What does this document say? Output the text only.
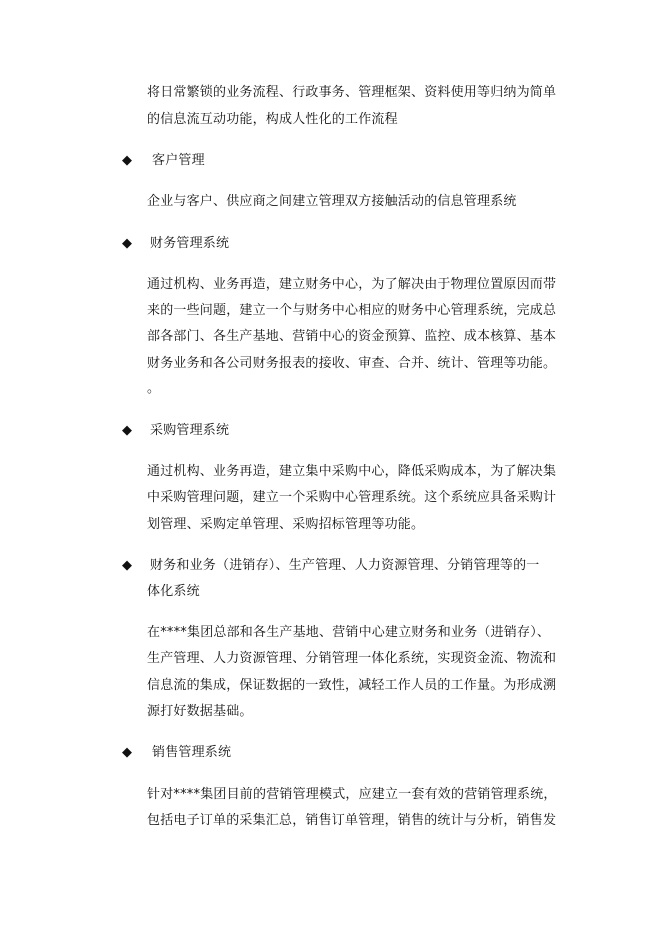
将日常繁锁的业务流程、行政事务、管理框架、资料使用等归纳为简单
的信息流互动功能，构成人性化的工作流程
◆ 客户管理
企业与客户、供应商之间建立管理双方接触活动的信息管理系统
◆ 财务管理系统
通过机构、业务再造，建立财务中心，为了解决由于物理位置原因而带
来的一些问题，建立一个与财务中心相应的财务中心管理系统，完成总
部各部门、各生产基地、营销中心的资金预算、监控、成本核算、基本
财务业务和各公司财务报表的接收、审查、合并、统计、管理等功能。
。
◆ 采购管理系统
通过机构、业务再造，建立集中采购中心，降低采购成本，为了解决集
中采购管理问题，建立一个采购中心管理系统。这个系统应具备采购计
划管理、采购定单管理、采购招标管理等功能。
◆ 财务和业务（进销存）、生产管理、人力资源管理、分销管理等的一
体化系统
在****集团总部和各生产基地、营销中心建立财务和业务（进销存）、
生产管理、人力资源管理、分销管理一体化系统，实现资金流、物流和
信息流的集成，保证数据的一致性，减轻工作人员的工作量。为形成溯
源打好数据基础。
◆ 销售管理系统
针对****集团目前的营销管理模式，应建立一套有效的营销管理系统，
包括电子订单的采集汇总，销售订单管理，销售的统计与分析，销售发
